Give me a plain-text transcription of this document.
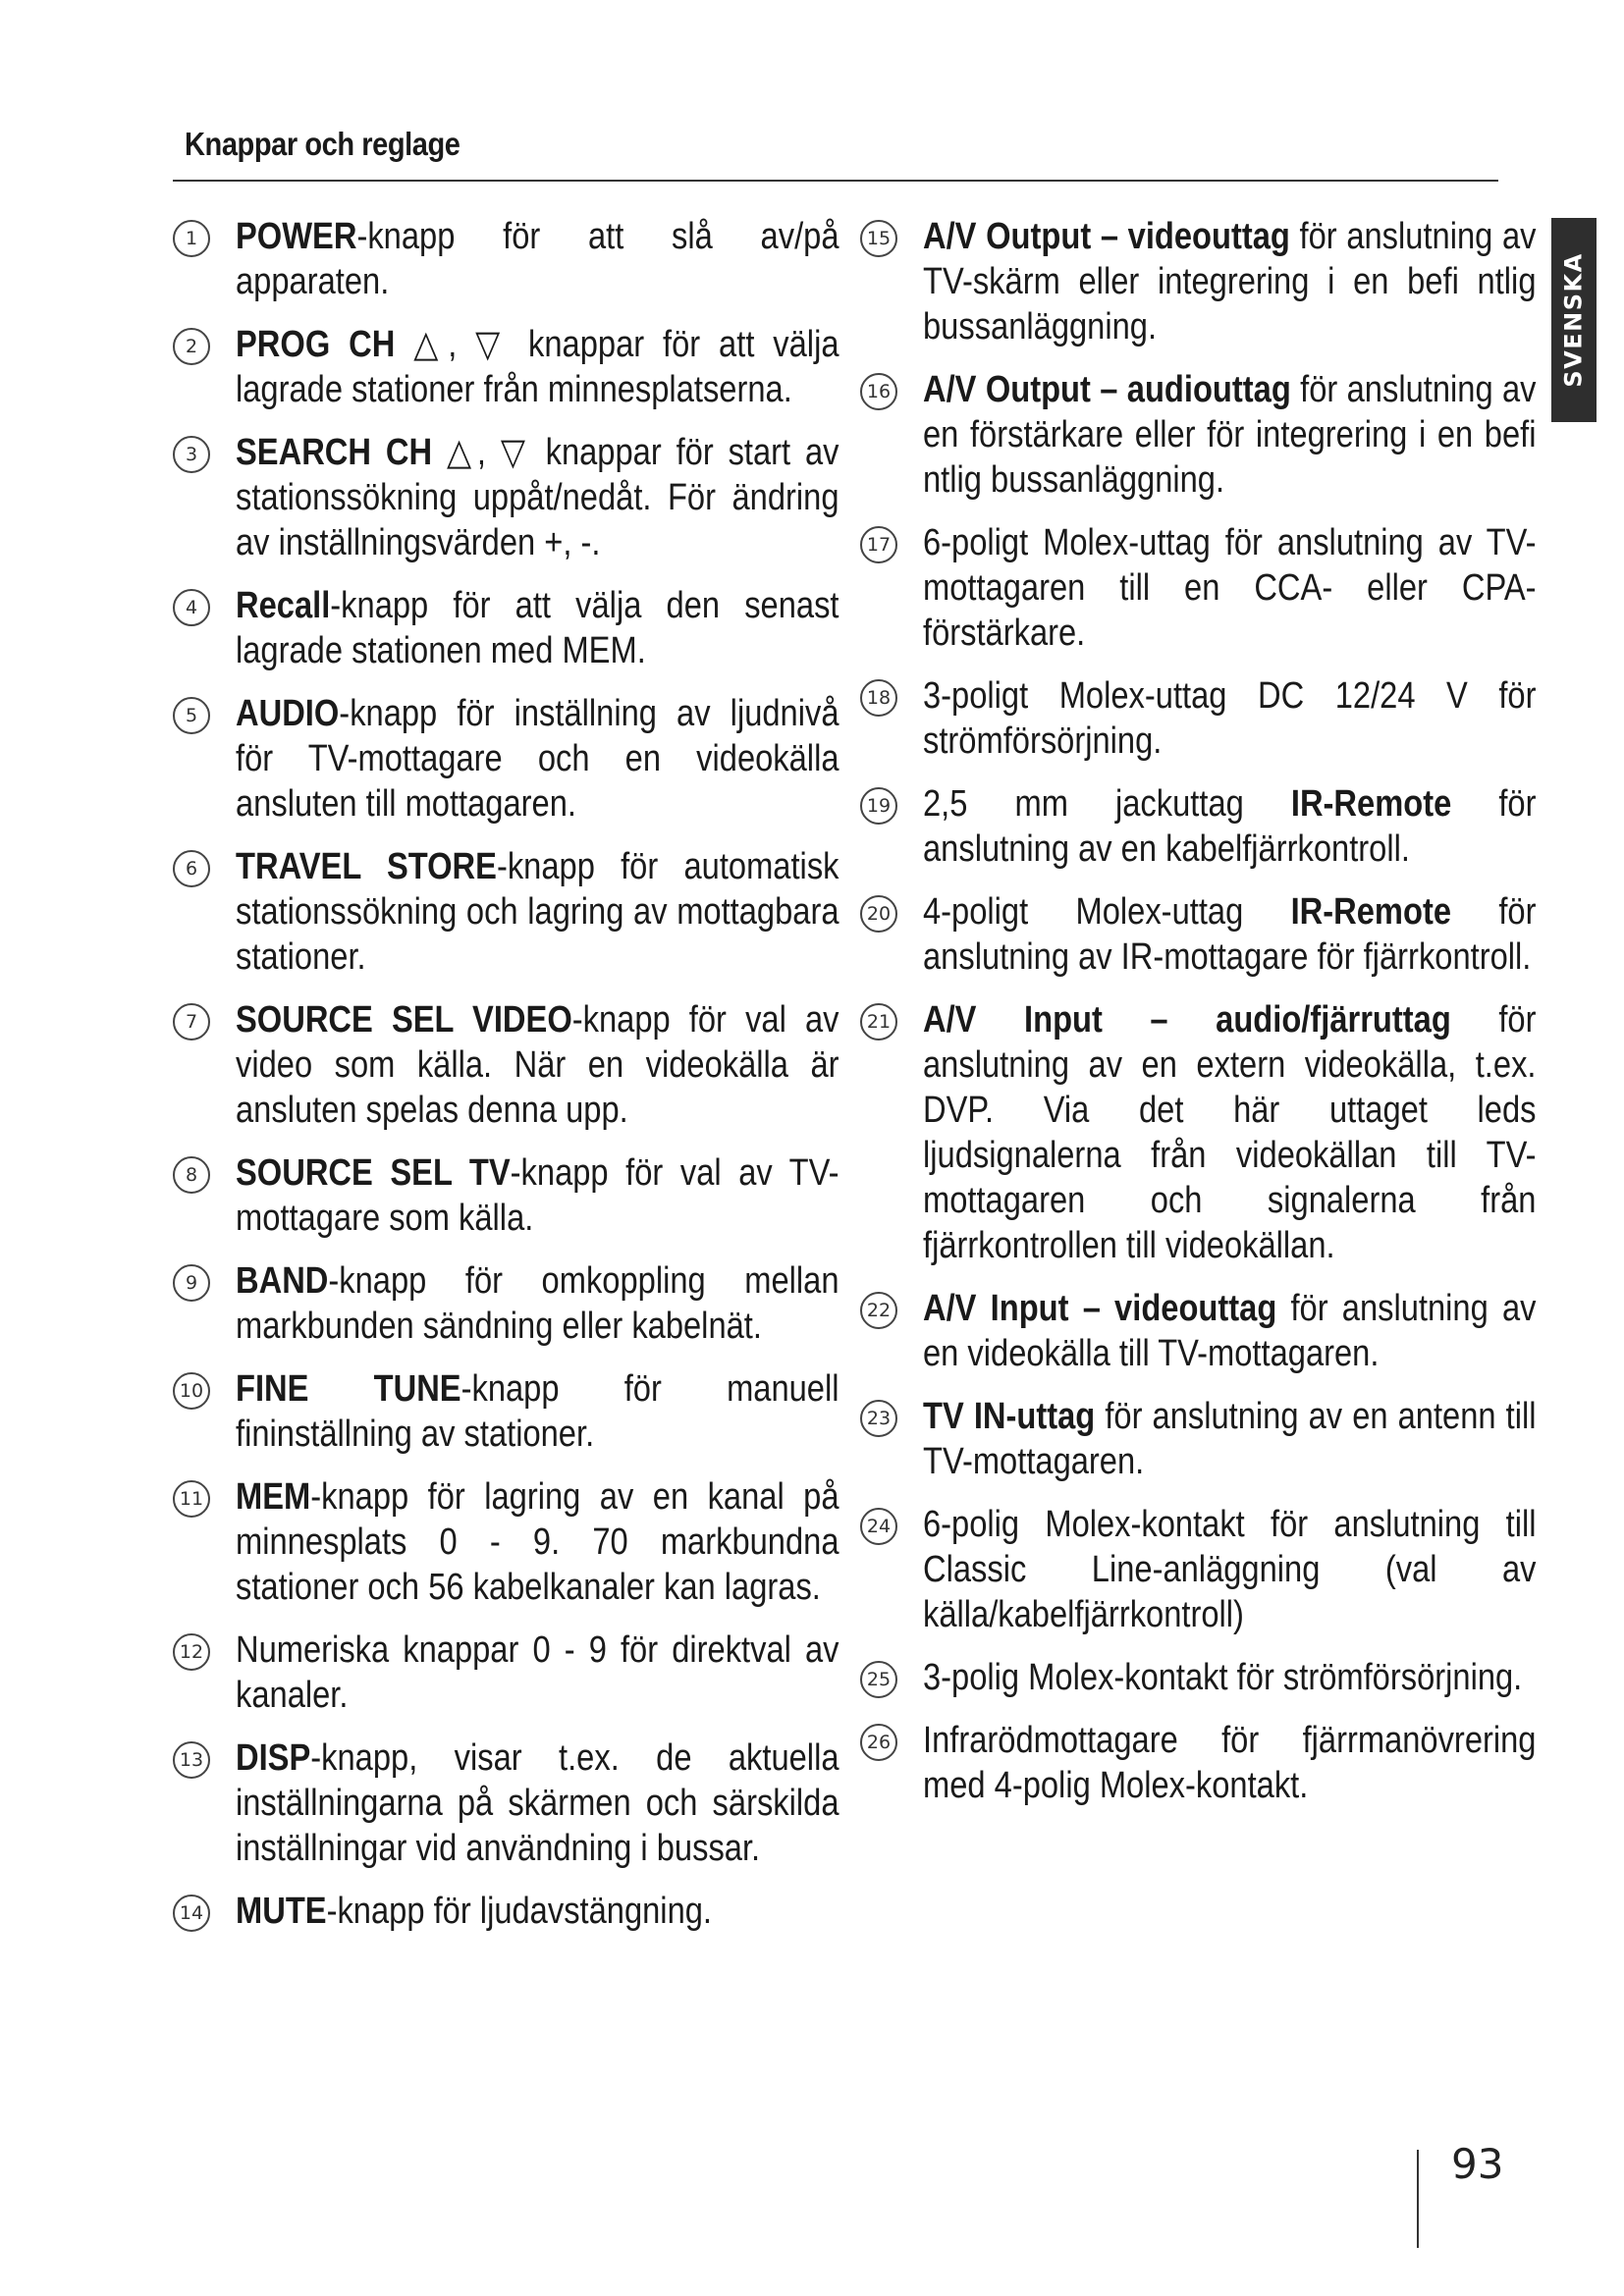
Knappar och reglage
SVENSKA
1	POWER-knapp för att slå av/på apparaten.
2	PROG CH △, ▽ knappar för att välja lagrade stationer från minnesplatserna.
3	SEARCH CH △, ▽ knappar för start av stationssökning uppåt/nedåt. För ändring av inställningsvärden +, -.
4	Recall-knapp för att välja den senast lagrade stationen med MEM.
5	AUDIO-knapp för inställning av ljudnivå för TV-mottagare och en videokälla ansluten till mottagaren.
6	TRAVEL STORE-knapp för automatisk stationssökning och lagring av mottagbara stationer.
7	SOURCE SEL VIDEO-knapp för val av video som källa. När en videokälla är ansluten spelas denna upp.
8	SOURCE SEL TV-knapp för val av TV-mottagare som källa.
9	BAND-knapp för omkoppling mellan markbunden sändning eller kabelnät.
10 FINE TUNE-knapp för manuell fininställning av stationer.
11 MEM-knapp för lagring av en kanal på minnesplats 0 - 9. 70 markbundna stationer och 56 kabelkanaler kan lagras.
12 Numeriska knappar 0 - 9 för direktval av kanaler.
13 DISP-knapp, visar t.ex. de aktuella inställningarna på skärmen och särskilda inställningar vid användning i bussar.
14 MUTE-knapp för ljudavstängning.
15 A/V Output – videouttag för anslutning av TV-skärm eller integrering i en befi ntlig bussanläggning.
16 A/V Output – audiouttag för anslutning av en förstärkare eller för integrering i en befi ntlig bussanläggning.
17 6-poligt Molex-uttag för anslutning av TV-mottagaren till en CCA- eller CPA-förstärkare.
18 3-poligt Molex-uttag DC 12/24 V för strömförsörjning.
19 2,5 mm jackuttag IR-Remote för anslutning av en kabelfjärrkontroll.
20 4-poligt Molex-uttag IR-Remote för anslutning av IR-mottagare för fjärrkontroll.
21 A/V Input – audio/fjärruttag för anslutning av en extern videokälla, t.ex. DVP. Via det här uttaget leds ljudsignalerna från videokällan till TV-mottagaren och signalerna från fjärrkontrollen till videokällan.
22 A/V Input – videouttag för anslutning av en videokälla till TV-mottagaren.
23 TV IN-uttag för anslutning av en antenn till TV-mottagaren.
24 6-polig Molex-kontakt för anslutning till Classic Line-anläggning (val av källa/kabelfjärrkontroll)
25 3-polig Molex-kontakt för strömförsörjning.
26 Infrarödmottagare för fjärrmanövrering med 4-polig Molex-kontakt.
93
